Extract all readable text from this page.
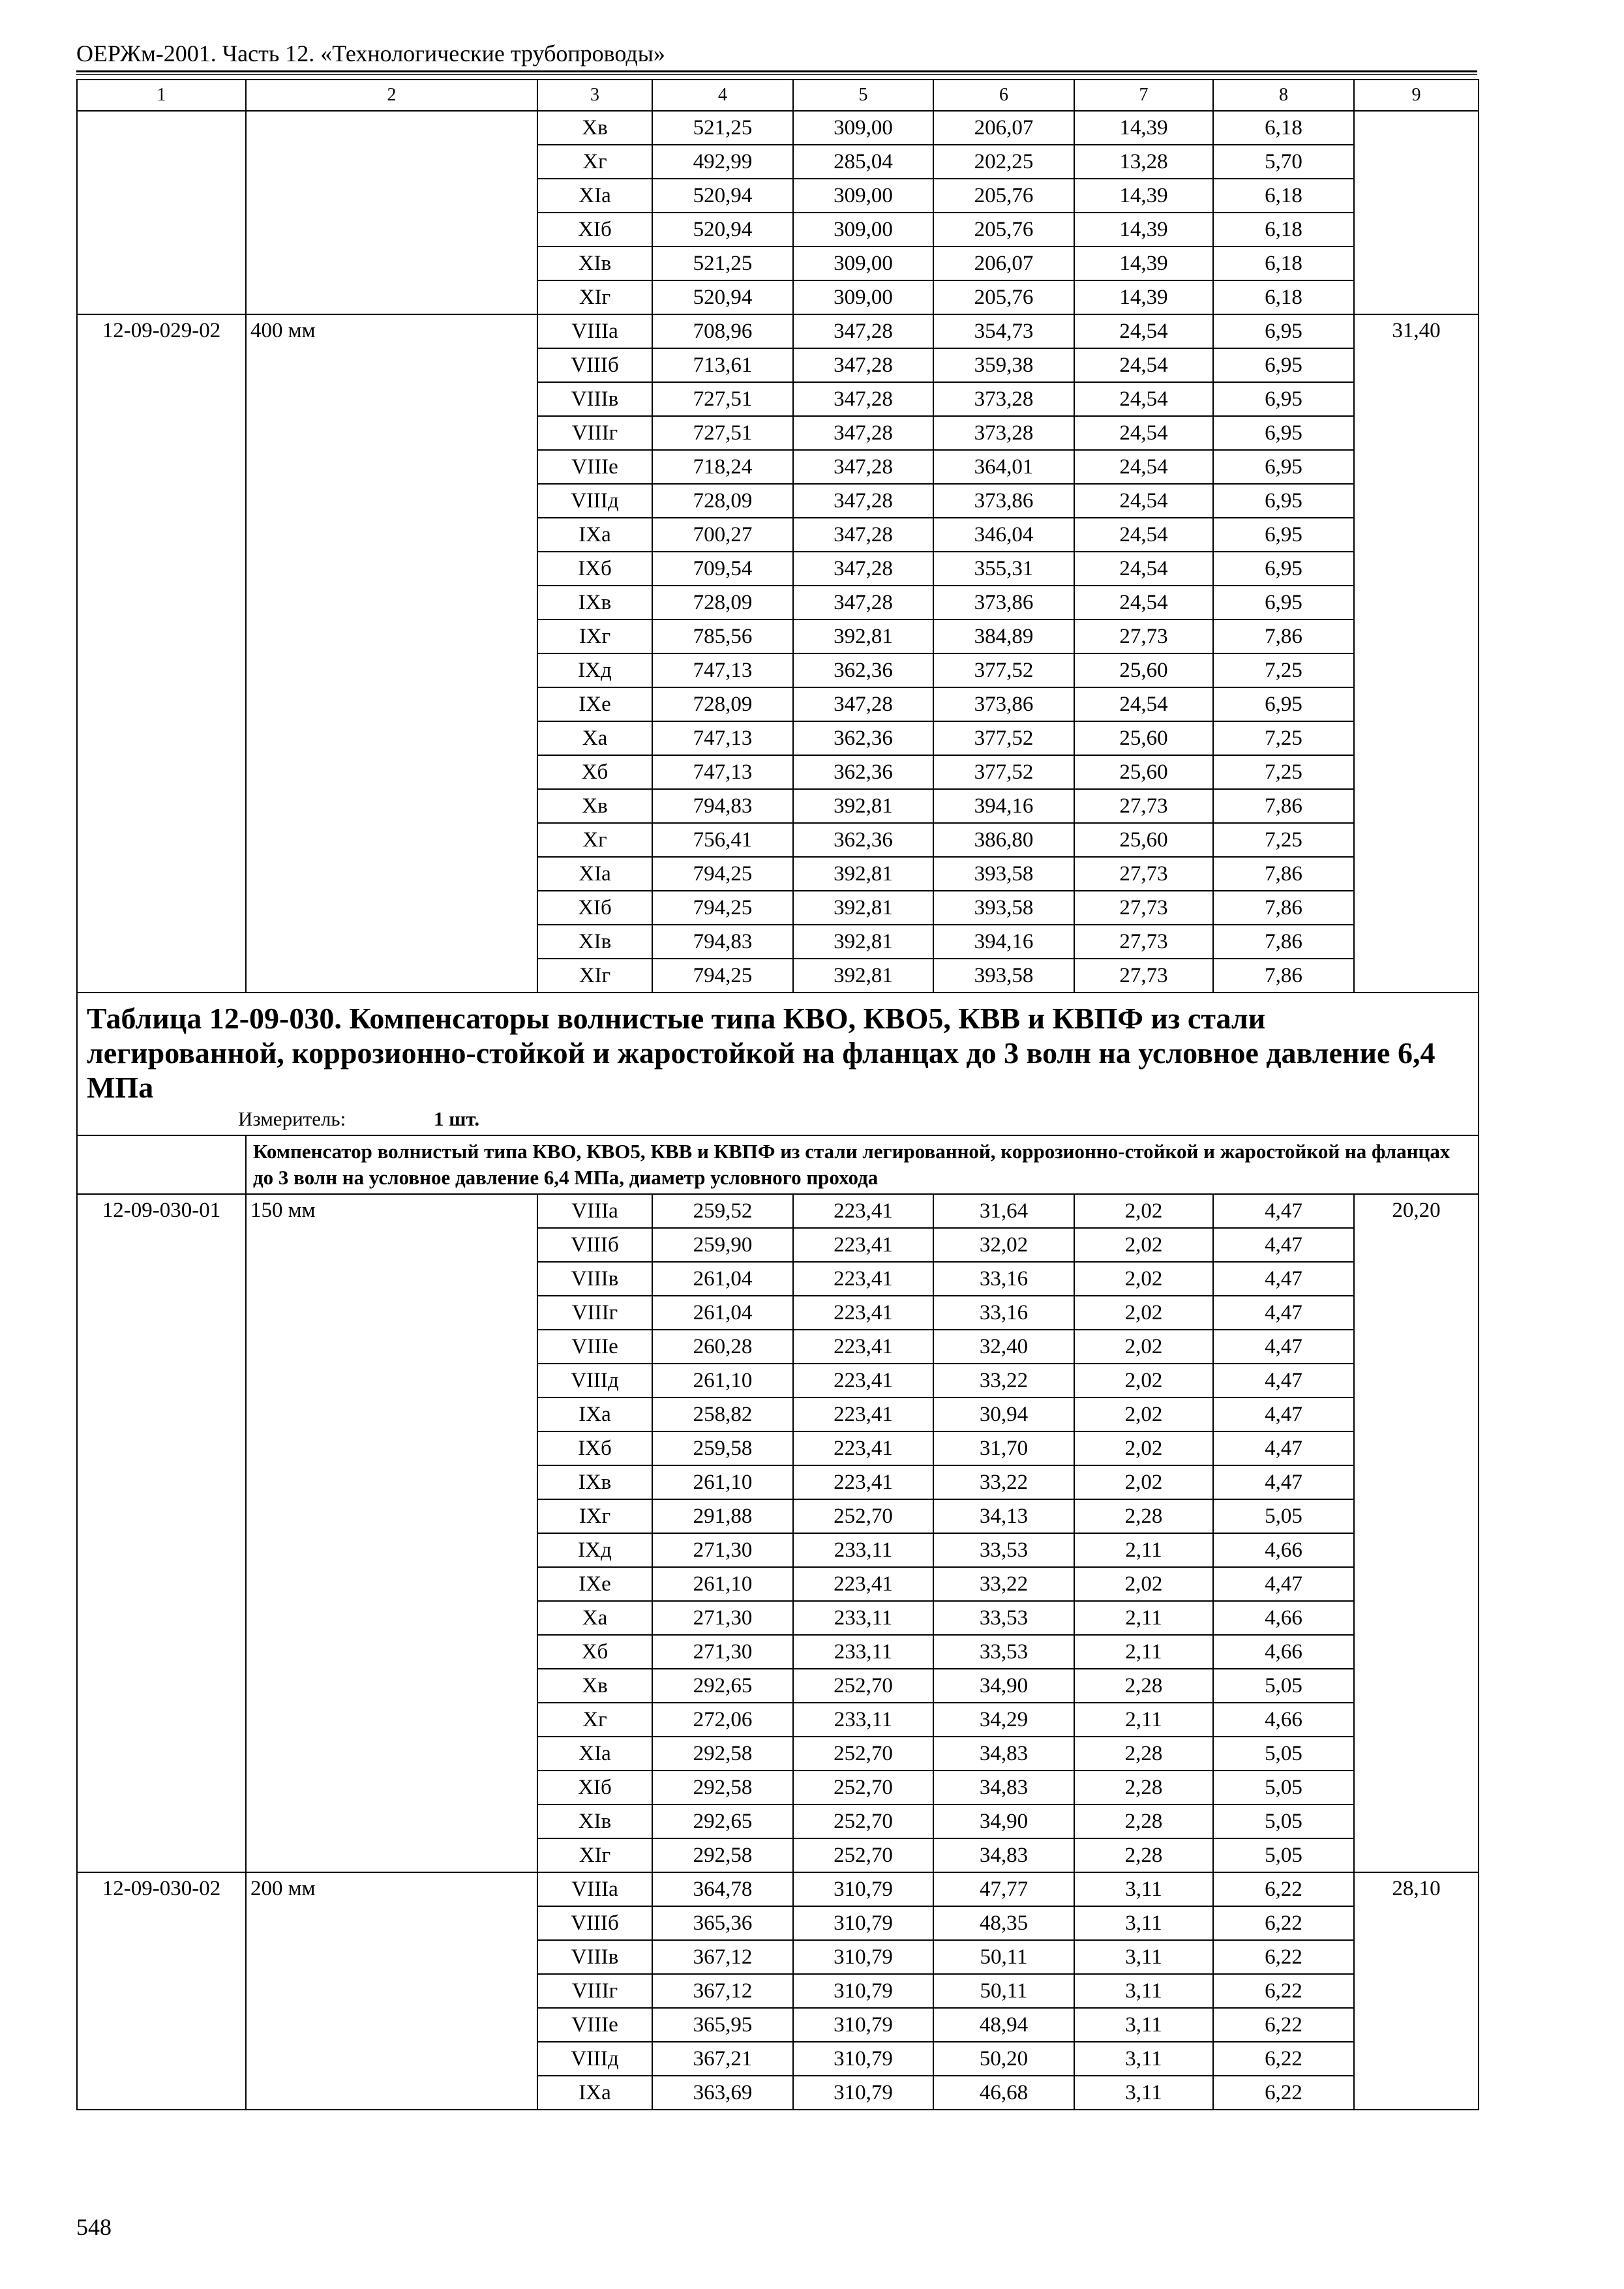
ОЕРЖм-2001. Часть 12. «Технологические трубопроводы»
1	2	3	4	5	6	7	8	9
		Xв	521,25	309,00	206,07	14,39	6,18	
		Xг	492,99	285,04	202,25	13,28	5,70	
		XIа	520,94	309,00	205,76	14,39	6,18	
		XIб	520,94	309,00	205,76	14,39	6,18	
		XIв	521,25	309,00	206,07	14,39	6,18	
		XIг	520,94	309,00	205,76	14,39	6,18	
12-09-029-02	400 мм	VIIIа	708,96	347,28	354,73	24,54	6,95	31,40
		VIIIб	713,61	347,28	359,38	24,54	6,95	
		VIIIв	727,51	347,28	373,28	24,54	6,95	
		VIIIг	727,51	347,28	373,28	24,54	6,95	
		VIIIе	718,24	347,28	364,01	24,54	6,95	
		VIIIд	728,09	347,28	373,86	24,54	6,95	
		IXа	700,27	347,28	346,04	24,54	6,95	
		IXб	709,54	347,28	355,31	24,54	6,95	
		IXв	728,09	347,28	373,86	24,54	6,95	
		IXг	785,56	392,81	384,89	27,73	7,86	
		IXд	747,13	362,36	377,52	25,60	7,25	
		IXе	728,09	347,28	373,86	24,54	6,95	
		Xа	747,13	362,36	377,52	25,60	7,25	
		Xб	747,13	362,36	377,52	25,60	7,25	
		Xв	794,83	392,81	394,16	27,73	7,86	
		Xг	756,41	362,36	386,80	25,60	7,25	
		XIа	794,25	392,81	393,58	27,73	7,86	
		XIб	794,25	392,81	393,58	27,73	7,86	
		XIв	794,83	392,81	394,16	27,73	7,86	
		XIг	794,25	392,81	393,58	27,73	7,86	

Таблица 12-09-030. Компенсаторы волнистые типа КВО, КВО5, КВВ и КВПФ из стали легированной, коррозионно-стойкой и жаростойкой на фланцах до 3 волн на условное давление 6,4 МПа
Измеритель: 1 шт.								

	Компенсатор волнистый типа КВО, КВО5, КВВ и КВПФ из стали легированной, коррозионно-стойкой и жаростойкой на фланцах до 3 волн на условное давление 6,4 МПа, диаметр условного прохода							
12-09-030-01	150 мм	VIIIа	259,52	223,41	31,64	2,02	4,47	20,20
		VIIIб	259,90	223,41	32,02	2,02	4,47	
		VIIIв	261,04	223,41	33,16	2,02	4,47	
		VIIIг	261,04	223,41	33,16	2,02	4,47	
		VIIIе	260,28	223,41	32,40	2,02	4,47	
		VIIIд	261,10	223,41	33,22	2,02	4,47	
		IXа	258,82	223,41	30,94	2,02	4,47	
		IXб	259,58	223,41	31,70	2,02	4,47	
		IXв	261,10	223,41	33,22	2,02	4,47	
		IXг	291,88	252,70	34,13	2,28	5,05	
		IXд	271,30	233,11	33,53	2,11	4,66	
		IXе	261,10	223,41	33,22	2,02	4,47	
		Xа	271,30	233,11	33,53	2,11	4,66	
		Xб	271,30	233,11	33,53	2,11	4,66	
		Xв	292,65	252,70	34,90	2,28	5,05	
		Xг	272,06	233,11	34,29	2,11	4,66	
		XIа	292,58	252,70	34,83	2,28	5,05	
		XIб	292,58	252,70	34,83	2,28	5,05	
		XIв	292,65	252,70	34,90	2,28	5,05	
		XIг	292,58	252,70	34,83	2,28	5,05	
12-09-030-02	200 мм	VIIIа	364,78	310,79	47,77	3,11	6,22	28,10
		VIIIб	365,36	310,79	48,35	3,11	6,22	
		VIIIв	367,12	310,79	50,11	3,11	6,22	
		VIIIг	367,12	310,79	50,11	3,11	6,22	
		VIIIе	365,95	310,79	48,94	3,11	6,22	
		VIIIд	367,21	310,79	50,20	3,11	6,22	
		IXа	363,69	310,79	46,68	3,11	6,22	
548
